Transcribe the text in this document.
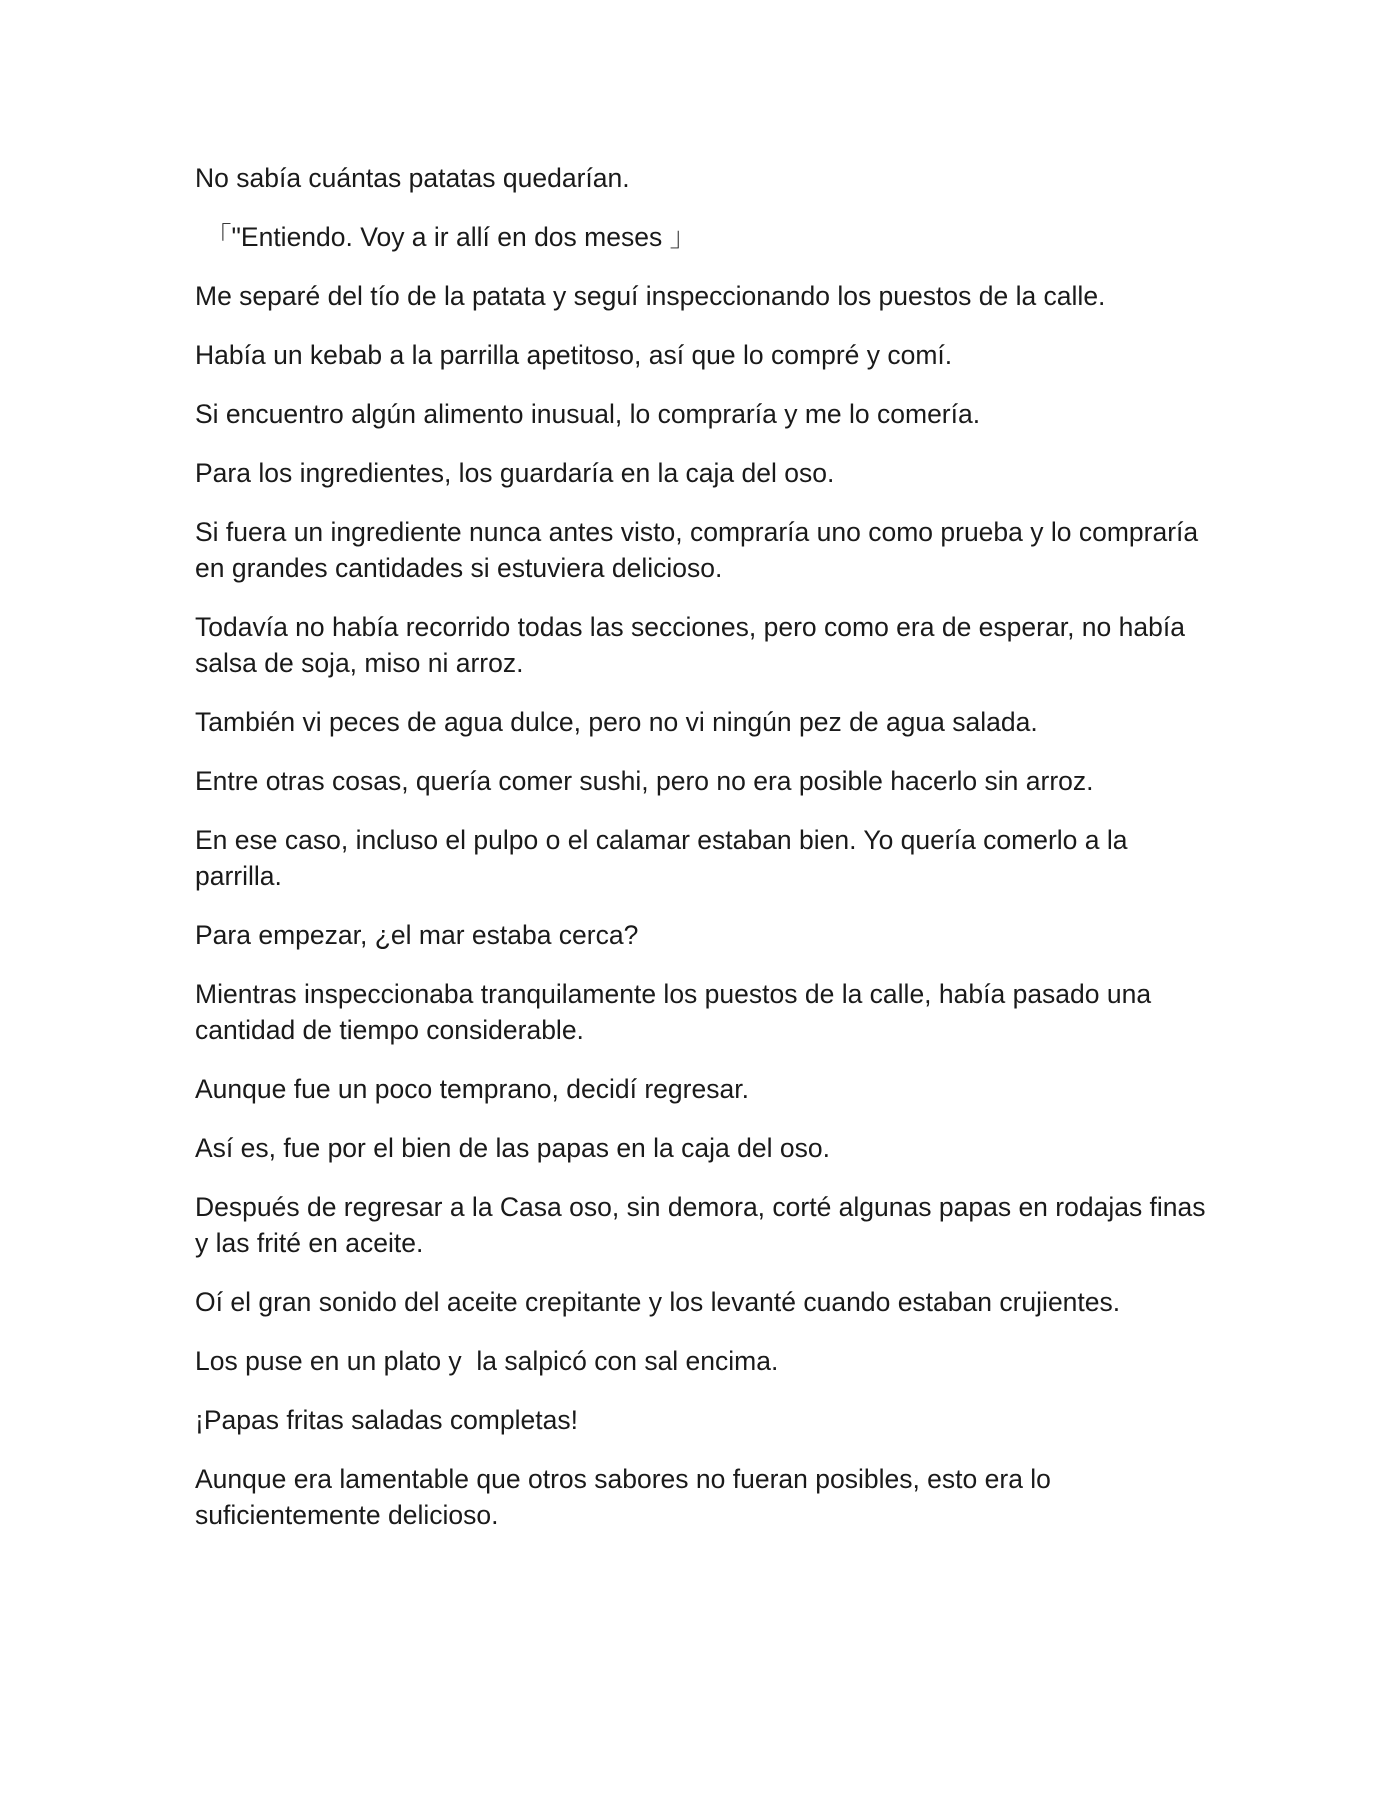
No sabía cuántas patatas quedarían.

「"Entiendo. Voy a ir allí en dos meses 」

Me separé del tío de la patata y seguí inspeccionando los puestos de la calle.

Había un kebab a la parrilla apetitoso, así que lo compré y comí.

Si encuentro algún alimento inusual, lo compraría y me lo comería.

Para los ingredientes, los guardaría en la caja del oso.

Si fuera un ingrediente nunca antes visto, compraría uno como prueba y lo compraría en grandes cantidades si estuviera delicioso.

Todavía no había recorrido todas las secciones, pero como era de esperar, no había salsa de soja, miso ni arroz.

También vi peces de agua dulce, pero no vi ningún pez de agua salada.

Entre otras cosas, quería comer sushi, pero no era posible hacerlo sin arroz.

En ese caso, incluso el pulpo o el calamar estaban bien. Yo quería comerlo a la parrilla.

Para empezar, ¿el mar estaba cerca?

Mientras inspeccionaba tranquilamente los puestos de la calle, había pasado una cantidad de tiempo considerable.

Aunque fue un poco temprano, decidí regresar.

Así es, fue por el bien de las papas en la caja del oso.

Después de regresar a la Casa oso, sin demora, corté algunas papas en rodajas finas y las frité en aceite.

Oí el gran sonido del aceite crepitante y los levanté cuando estaban crujientes.

Los puse en un plato y  la salpicó con sal encima.

¡Papas fritas saladas completas!

Aunque era lamentable que otros sabores no fueran posibles, esto era lo suficientemente delicioso.
